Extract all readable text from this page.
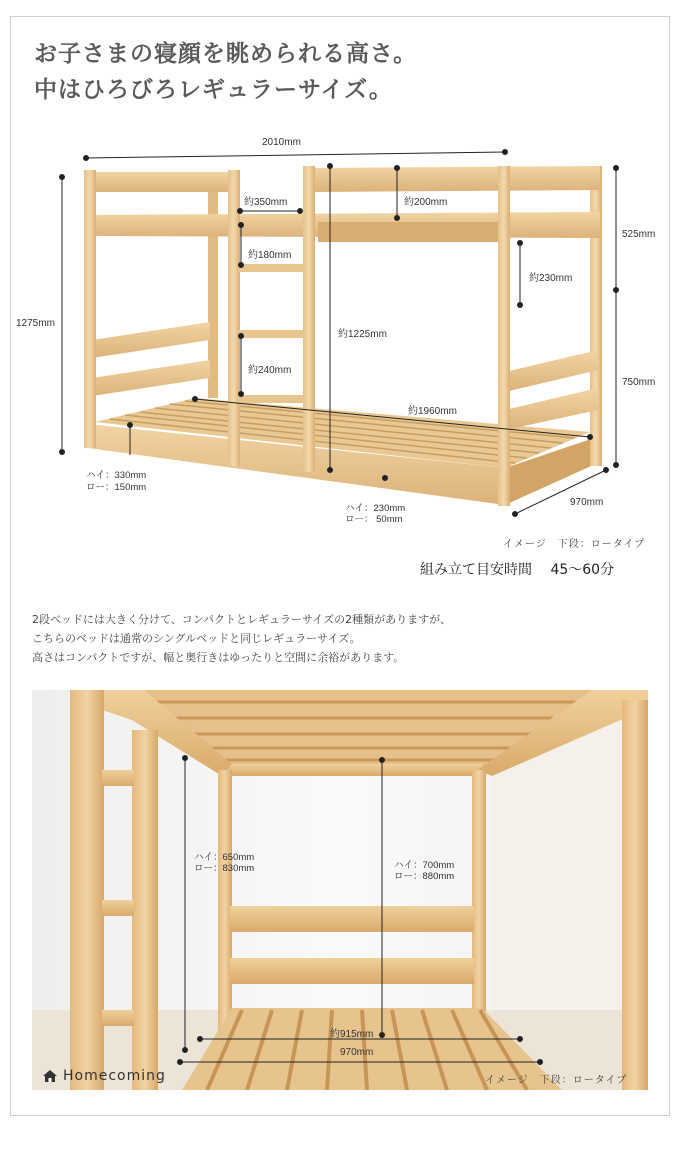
お子さまの寝顔を眺められる高さ。
中はひろびろレギュラーサイズ。
2010mm
約350mm	約200mm
約180mm
約1225mm
約240mm
約1960mm
約230mm
1275mm
525mm
750mm
970mm
ハイ：330mm
ロー：150mm
ハイ：230mm
ロー： 50mm
イメージ　下段：ロータイプ
組み立て目安時間 45〜60分
2段ベッドには大きく分けて、コンパクトとレギュラーサイズの2種類がありますが、
こちらのベッドは通常のシングルベッドと同じレギュラーサイズ。
高さはコンパクトですが、幅と奥行きはゆったりと空間に余裕があります。
ハイ：650mm
ロー：830mm	ハイ：700mm
ロー：880mm
約915mm
970mm
イメージ　下段：ロータイプ
Homecoming
